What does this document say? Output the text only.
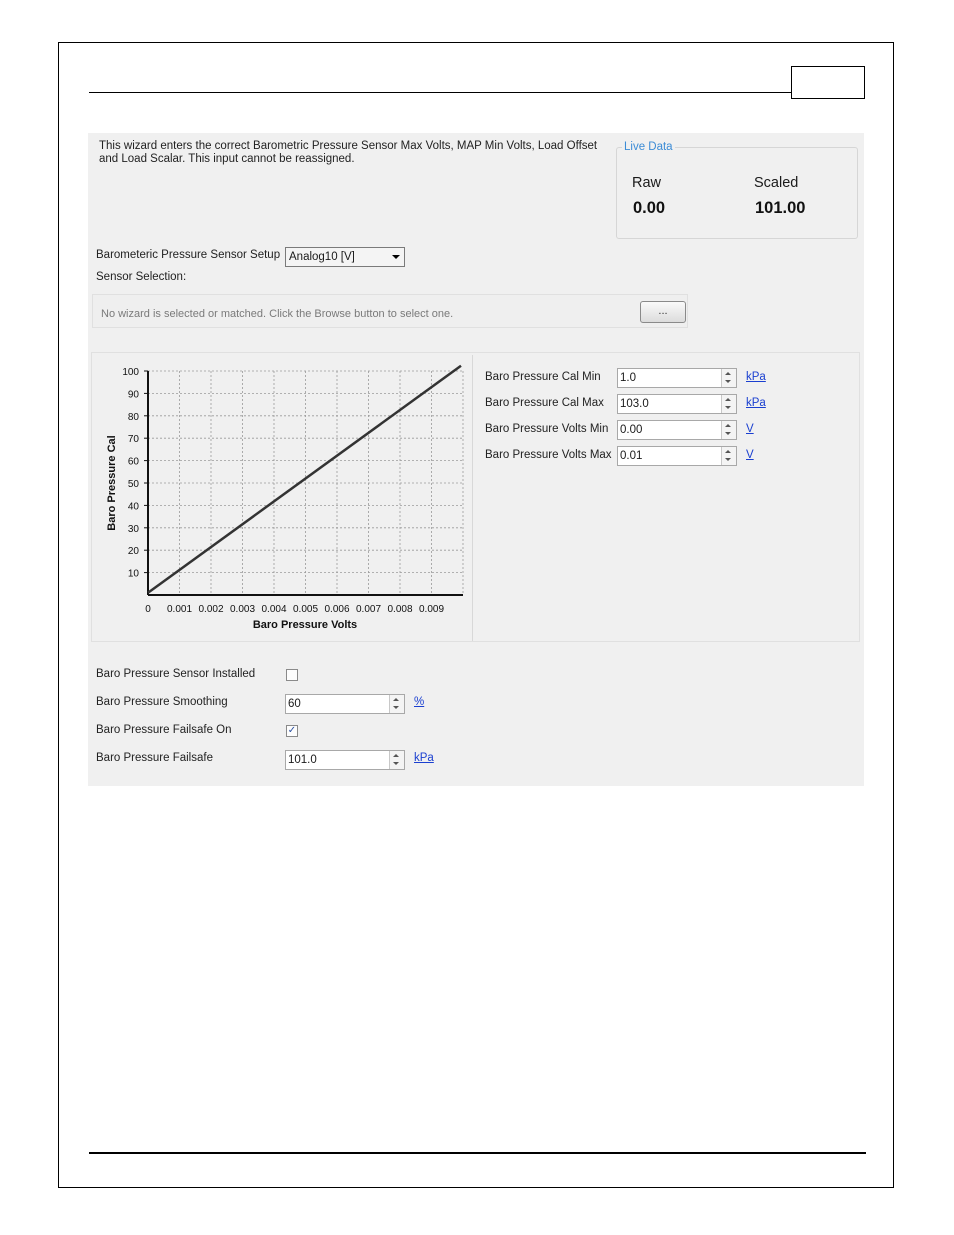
This wizard enters the correct Barometric Pressure Sensor Max Volts, MAP Min Volts, Load Offset
and Load Scalar. This input cannot be reassigned.
Live Data
Raw	Scaled
0.00	101.00
Barometeric Pressure Sensor Setup Analog10 [V]
Sensor Selection:
No wizard is selected or matched. Click the Browse button to select one.	...
10
20
30
40
50
60
70
80
90
100
0 0.001 0.002 0.003 0.004 0.005 0.006 0.007 0.008 0.009
Baro Pressure Volts
Baro Pressure Cal
Baro Pressure Cal Min 1.0	kPa
Baro Pressure Cal Max 103.0	kPa
Baro Pressure Volts Min 0.00	V
Baro Pressure Volts Max 0.01	V
Baro Pressure Sensor Installed
Baro Pressure Smoothing	60	%
Baro Pressure Failsafe On	✓
Baro Pressure Failsafe	101.0	kPa
